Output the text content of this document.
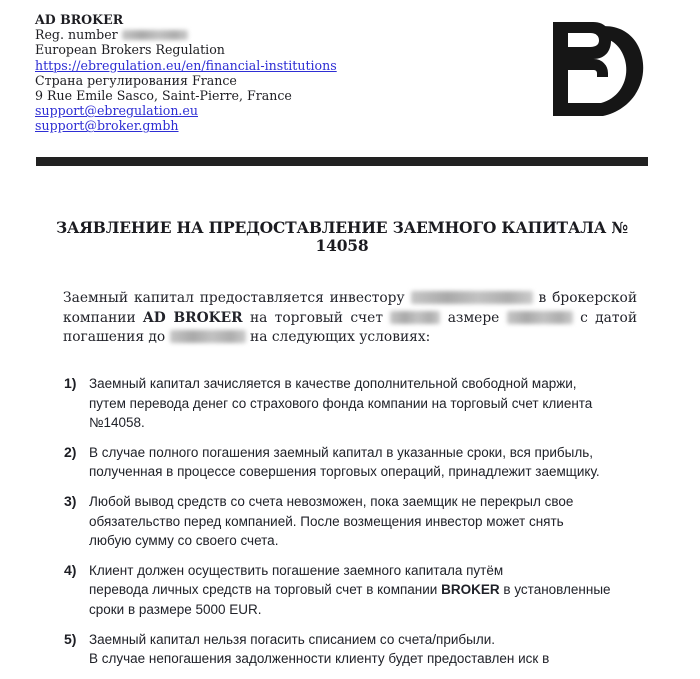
AD BROKER
Reg. number
European Brokers Regulation
https://ebregulation.eu/en/financial-institutions
Страна регулирования France
9 Rue Emile Sasco, Saint-Pierre, France
support@ebregulation.eu
support@broker.gmbh
ЗАЯВЛЕНИЕ НА ПРЕДОСТАВЛЕНИЕ ЗАЕМНОГО КАПИТАЛА № 14058
Заемный капитал предоставляется инвестору	в брокерской
компании AD BROKER на торговый счет	азмере	с датой
погашения до	на следующих условиях:
1) Заемный капитал зачисляется в качестве дополнительной свободной маржи,
путем перевода денег со страхового фонда компании на торговый счет клиента
№14058.
2) В случае полного погашения заемный капитал в указанные сроки, вся прибыль,
полученная в процессе совершения торговых операций, принадлежит заемщику.
3) Любой вывод средств со счета невозможен, пока заемщик не перекрыл свое
обязательство перед компанией. После возмещения инвестор может снять
любую сумму со своего счета.
4) Клиент должен осуществить погашение заемного капитала путём
перевода личных средств на торговый счет в компании BROKER в установленные
сроки в размере 5000 EUR.
5) Заемный капитал нельзя погасить списанием со счета/прибыли.
В случае непогашения задолженности клиенту будет предоставлен иск в
